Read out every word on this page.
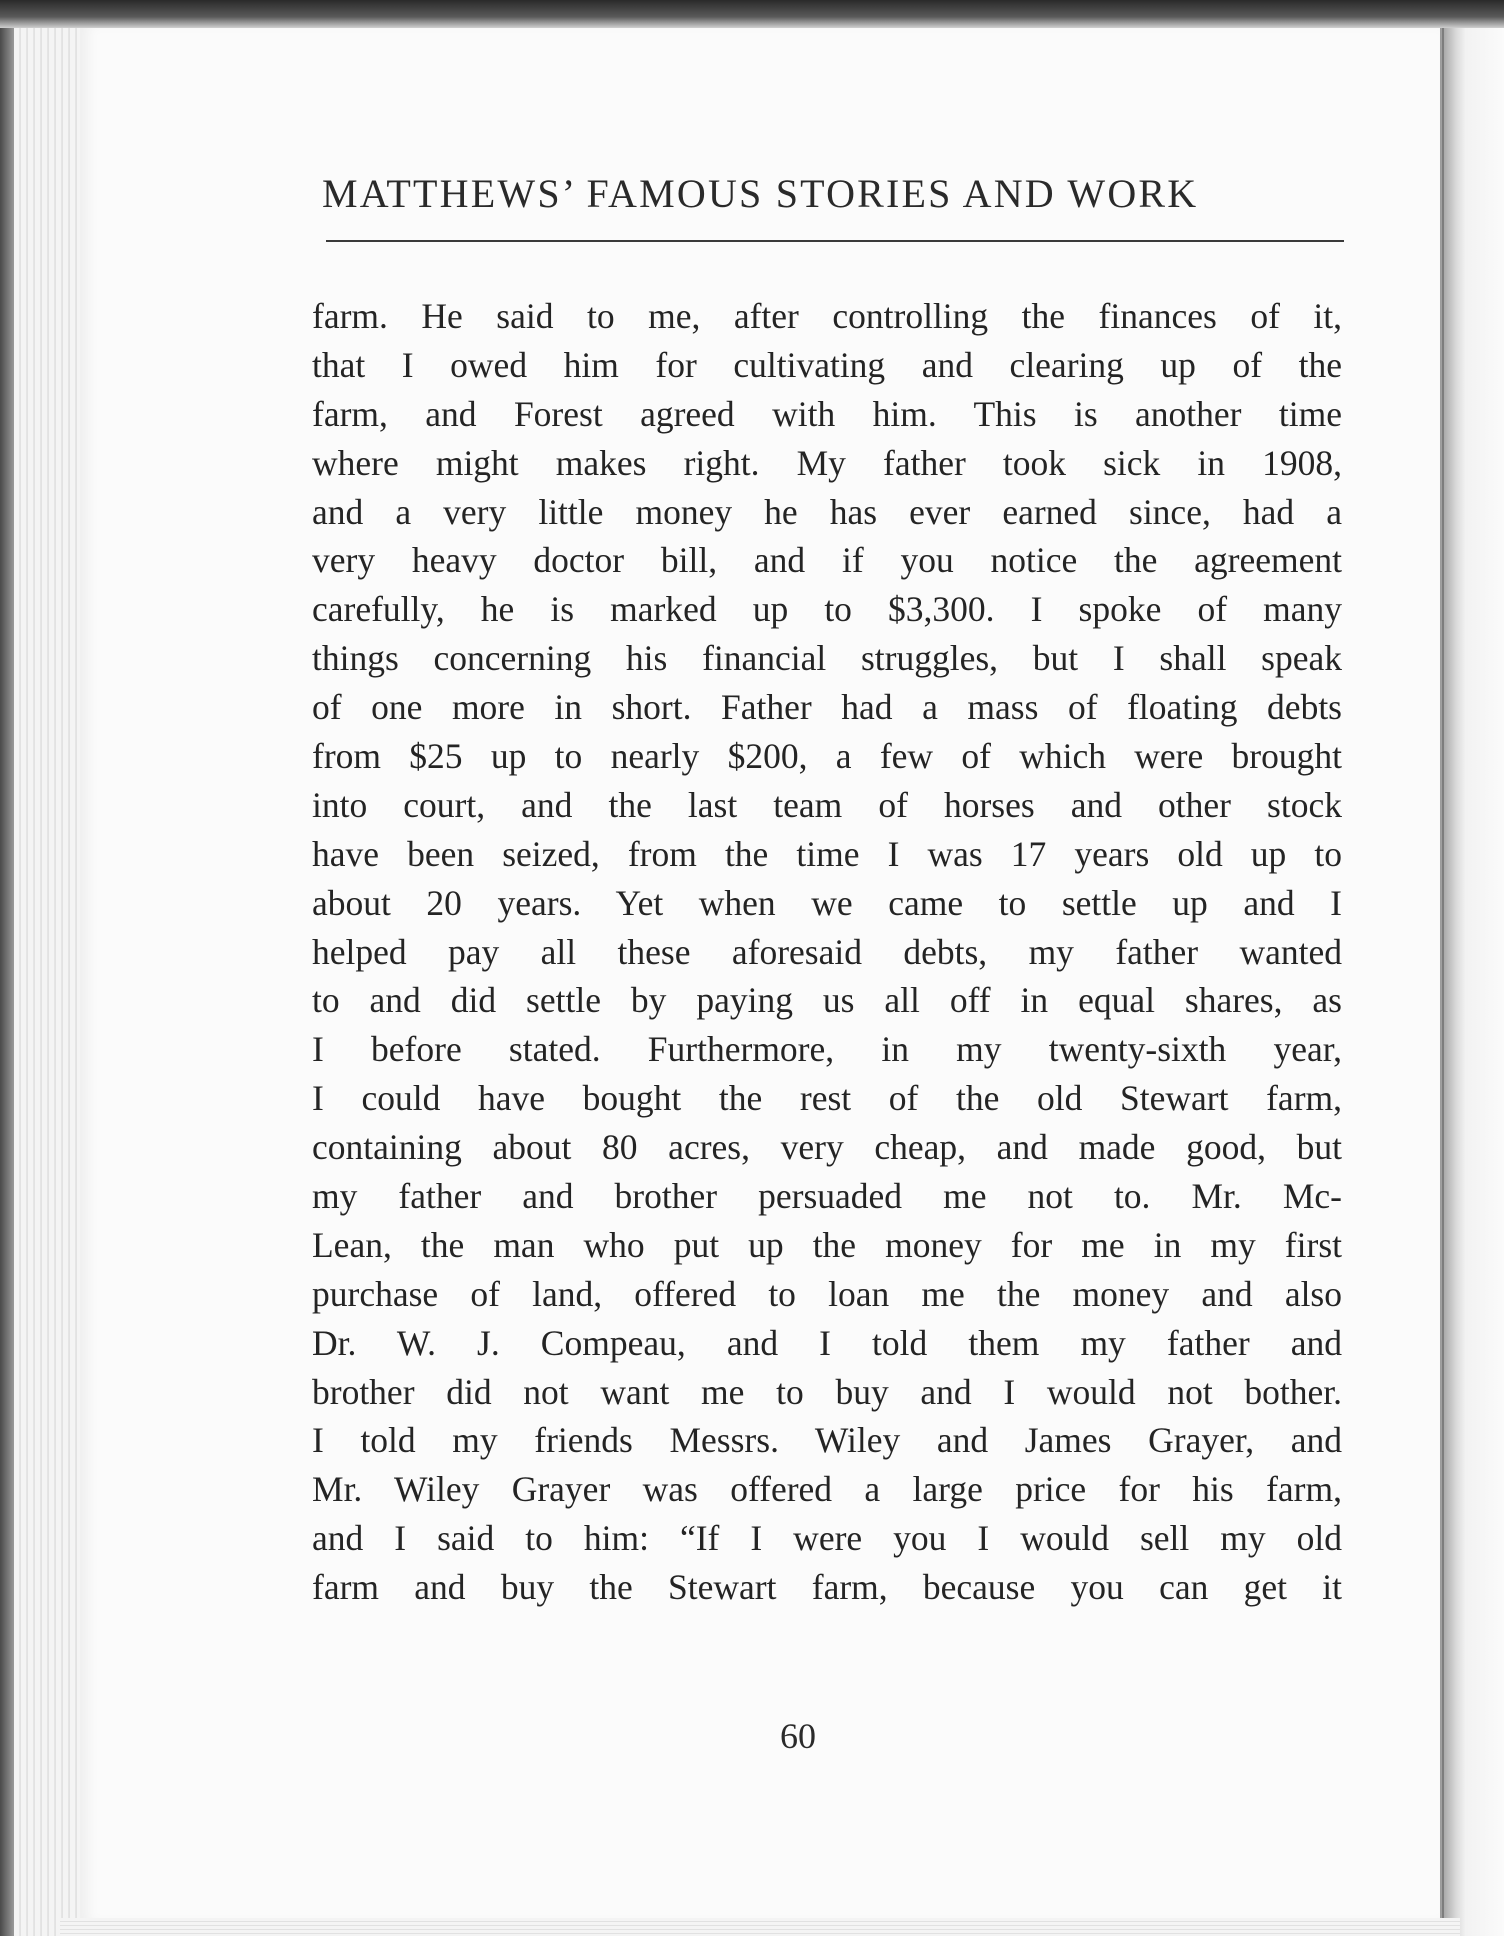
MATTHEWS’ FAMOUS STORIES AND WORK
farm. He said to me, after controlling the finances of it,
that I owed him for cultivating and clearing up of the
farm, and Forest agreed with him. This is another time
where might makes right. My father took sick in 1908,
and a very little money he has ever earned since, had a
very heavy doctor bill, and if you notice the agreement
carefully, he is marked up to $3,300. I spoke of many
things concerning his financial struggles, but I shall speak
of one more in short. Father had a mass of floating debts
from $25 up to nearly $200, a few of which were brought
into court, and the last team of horses and other stock
have been seized, from the time I was 17 years old up to
about 20 years. Yet when we came to settle up and I
helped pay all these aforesaid debts, my father wanted
to and did settle by paying us all off in equal shares, as
I before stated. Furthermore, in my twenty-sixth year,
I could have bought the rest of the old Stewart farm,
containing about 80 acres, very cheap, and made good, but
my father and brother persuaded me not to. Mr. Mc-
Lean, the man who put up the money for me in my first
purchase of land, offered to loan me the money and also
Dr. W. J. Compeau, and I told them my father and
brother did not want me to buy and I would not bother.
I told my friends Messrs. Wiley and James Grayer, and
Mr. Wiley Grayer was offered a large price for his farm,
and I said to him: “If I were you I would sell my old
farm and buy the Stewart farm, because you can get it
60
